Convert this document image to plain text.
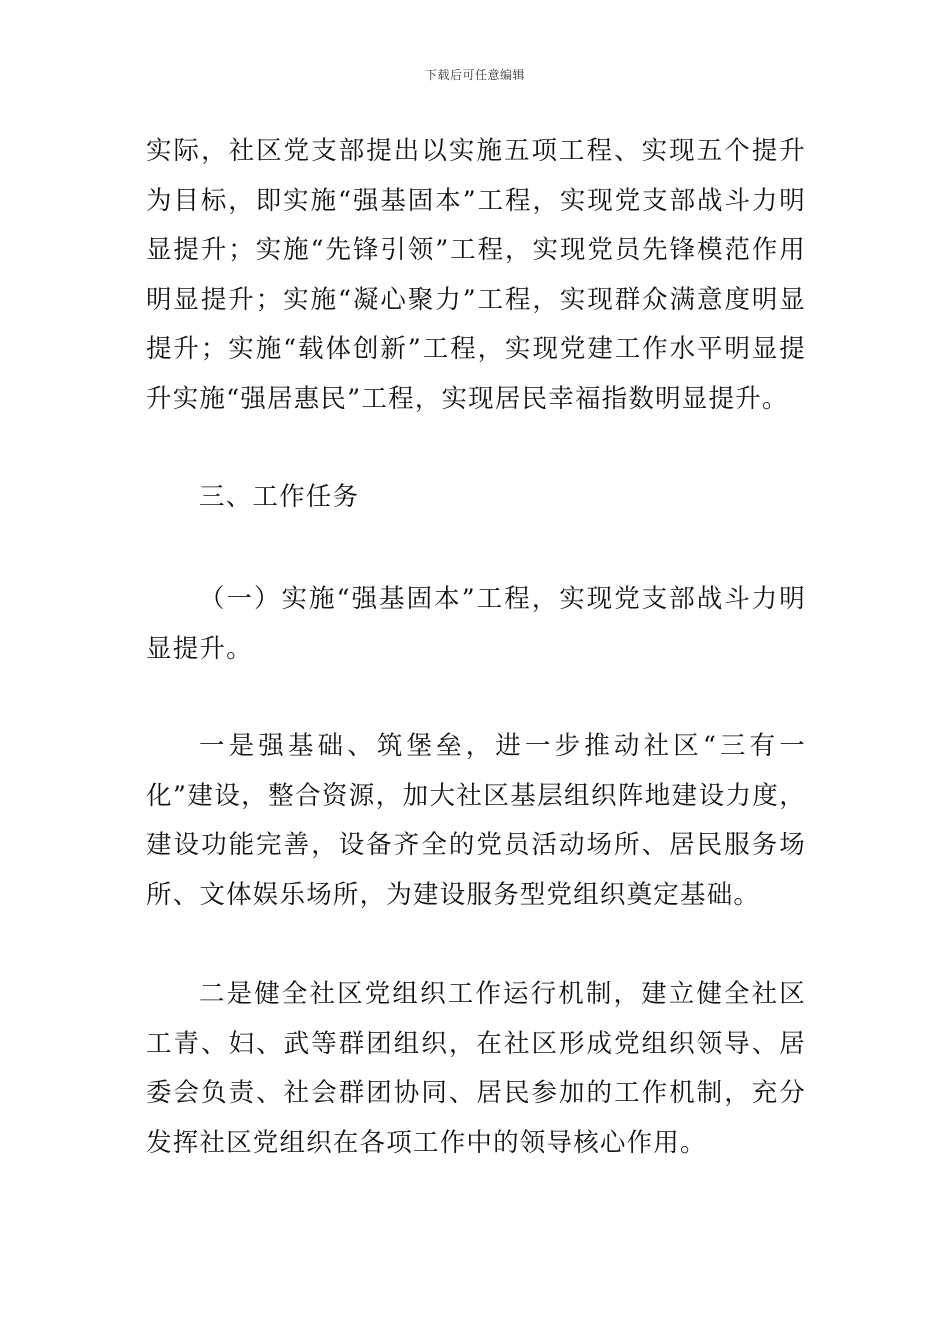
下载后可任意编辑

实际，社区党支部提出以实施五项工程、实现五个提升为目标，即实施“强基固本”工程，实现党支部战斗力明显提升；实施“先锋引领”工程，实现党员先锋模范作用明显提升；实施“凝心聚力”工程，实现群众满意度明显提升；实施“载体创新”工程，实现党建工作水平明显提升实施“强居惠民”工程，实现居民幸福指数明显提升。

三、工作任务

（一）实施“强基固本”工程，实现党支部战斗力明显提升。

一是强基础、筑堡垒，进一步推动社区“三有一化”建设，整合资源，加大社区基层组织阵地建设力度，建设功能完善，设备齐全的党员活动场所、居民服务场所、文体娱乐场所，为建设服务型党组织奠定基础。

二是健全社区党组织工作运行机制，建立健全社区工青、妇、武等群团组织，在社区形成党组织领导、居委会负责、社会群团协同、居民参加的工作机制，充分发挥社区党组织在各项工作中的领导核心作用。
